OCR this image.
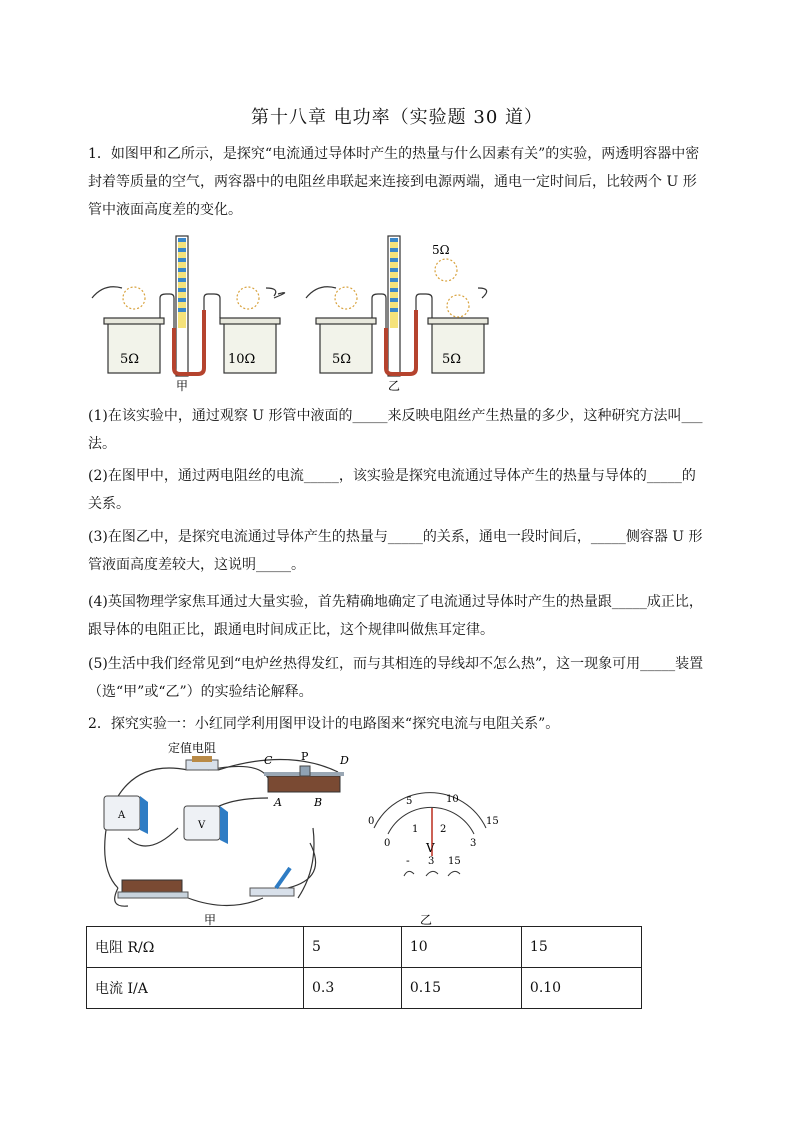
第十八章 电功率（实验题 30 道）

1．如图甲和乙所示，是探究“电流通过导体时产生的热量与什么因素有关”的实验，两透明容器中密封着等质量的空气，两容器中的电阻丝串联起来连接到电源两端，通电一定时间后，比较两个 U 形管中液面高度差的变化。

5Ω	10Ω
甲
5Ω
5Ω	5Ω
乙

(1)在该实验中，通过观察 U 形管中液面的_____来反映电阻丝产生热量的多少，这种研究方法叫___法。

(2)在图甲中，通过两电阻丝的电流_____，该实验是探究电流通过导体产生的热量与导体的_____的关系。

(3)在图乙中，是探究电流通过导体产生的热量与_____的关系，通电一段时间后，_____侧容器 U 形管液面高度差较大，这说明_____。

(4)英国物理学家焦耳通过大量实验，首先精确地确定了电流通过导体时产生的热量跟_____成正比，跟导体的电阻正比，跟通电时间成正比，这个规律叫做焦耳定律。

(5)生活中我们经常见到“电炉丝热得发红，而与其相连的导线却不怎么热”，这一现象可用_____装置（选“甲”或“乙”）的实验结论解释。

2．探究实验一：小红同学利用图甲设计的电路图来“探究电流与电阻关系”。

定值电阻
A
V
C	P	D
A	B
甲
0
5	10
15
0
1 2
3
V
- 3 15
乙
电阻 R/Ω	5	10	15
电流 I/A	0.3	0.15	0.10
